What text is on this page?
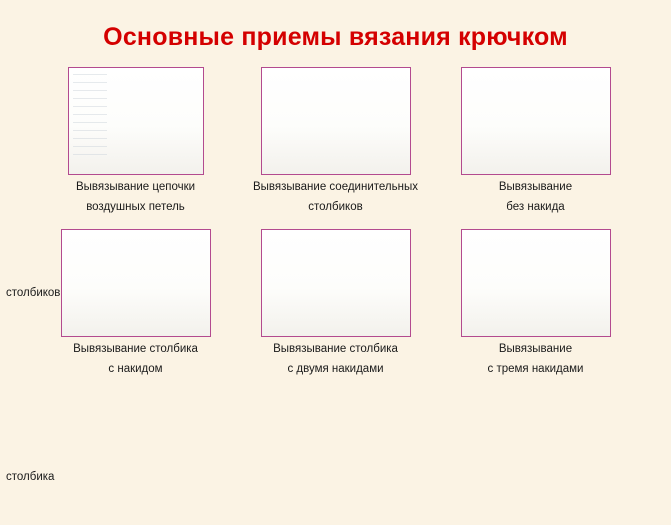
Основные приемы вязания крючком
Вывязывание цепочки	Вывязывание соединительных	Вывязывание
воздушных петель	столбиков	без накида
Вывязывание столбика	Вывязывание столбика	Вывязывание
с накидом	с двумя накидами	с тремя накидами
столбиков
столбика
